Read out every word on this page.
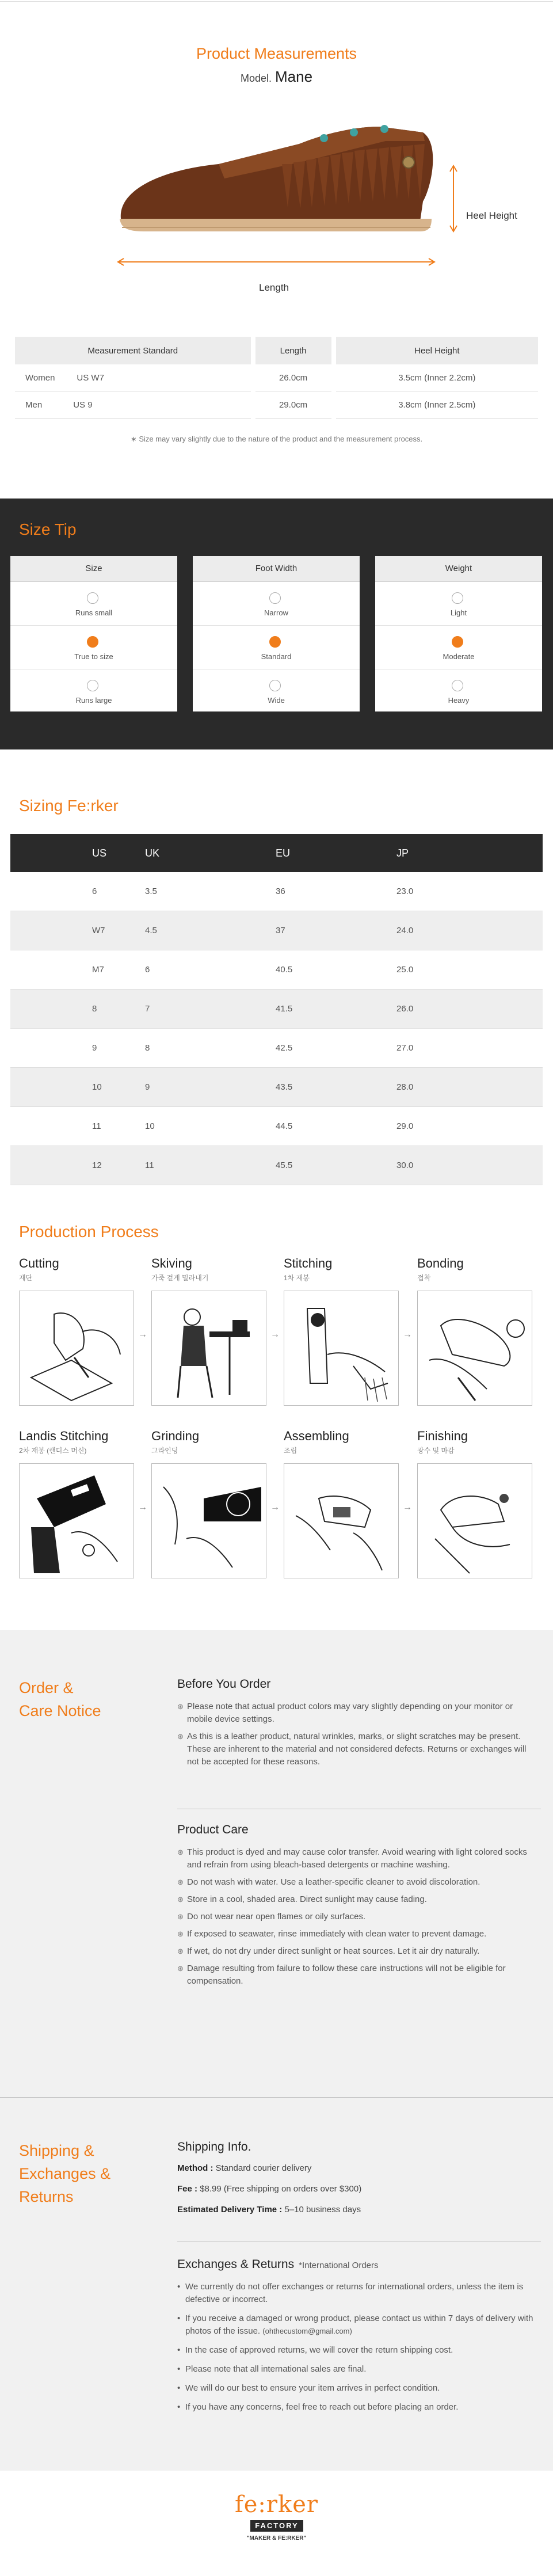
Product Measurements
Model. Mane
Heel Height
Length
Measurement Standard	Length	Heel Height
Women US W7	26.0cm	3.5cm (Inner 2.2cm)
Men US 9	29.0cm	3.8cm (Inner 2.5cm)
∗ Size may vary slightly due to the nature of the product and the measurement process.
Size Tip
Size
Runs small
True to size
Runs large
Foot Width
Narrow
Standard
Wide
Weight
Light
Moderate
Heavy
Sizing Fe:rker
US	UK	EU	JP
6	3.5	36	23.0
W7	4.5	37	24.0
M7	6	40.5	25.0
8	7	41.5	26.0
9	8	42.5	27.0
10	9	43.5	28.0
11	10	44.5	29.0
12	11	45.5	30.0
Production Process
Cutting
재단
→
Skiving
가죽 겉게 밀라내기
→
Stitching
1차 재봉
→
Bonding
접착
Landis Stitching
2차 재봉 (랜디스 머신)
→
Grinding
그라인딩
→
Assembling
조립
→
Finishing
광수 및 마감
Order &
Care Notice
Before You Order
⊛ Please note that actual product colors may vary slightly depending on your monitor or mobile device settings.
⊛ As this is a leather product, natural wrinkles, marks, or slight scratches may be present. These are inherent to the material and not considered defects. Returns or exchanges will not be accepted for these reasons.
Product Care
⊛ This product is dyed and may cause color transfer. Avoid wearing with light colored socks and refrain from using bleach-based detergents or machine washing.
⊛ Do not wash with water. Use a leather-specific cleaner to avoid discoloration.
⊛ Store in a cool, shaded area. Direct sunlight may cause fading.
⊛ Do not wear near open flames or oily surfaces.
⊛ If exposed to seawater, rinse immediately with clean water to prevent damage.
⊛ If wet, do not dry under direct sunlight or heat sources. Let it air dry naturally.
⊛ Damage resulting from failure to follow these care instructions will not be eligible for compensation.
Shipping &
Exchanges &
Returns
Shipping Info.
Method : Standard courier delivery
Fee : $8.99 (Free shipping on orders over $300)
Estimated Delivery Time : 5–10 business days
Exchanges & Returns *International Orders
• We currently do not offer exchanges or returns for international orders, unless the item is defective or incorrect.
• If you receive a damaged or wrong product, please contact us within 7 days of delivery with photos of the issue. (ohthecustom@gmail.com)
• In the case of approved returns, we will cover the return shipping cost.
• Please note that all international sales are final.
• We will do our best to ensure your item arrives in perfect condition.
• If you have any concerns, feel free to reach out before placing an order.
fe:rker
FACTORY
"MAKER & FE:RKER"
